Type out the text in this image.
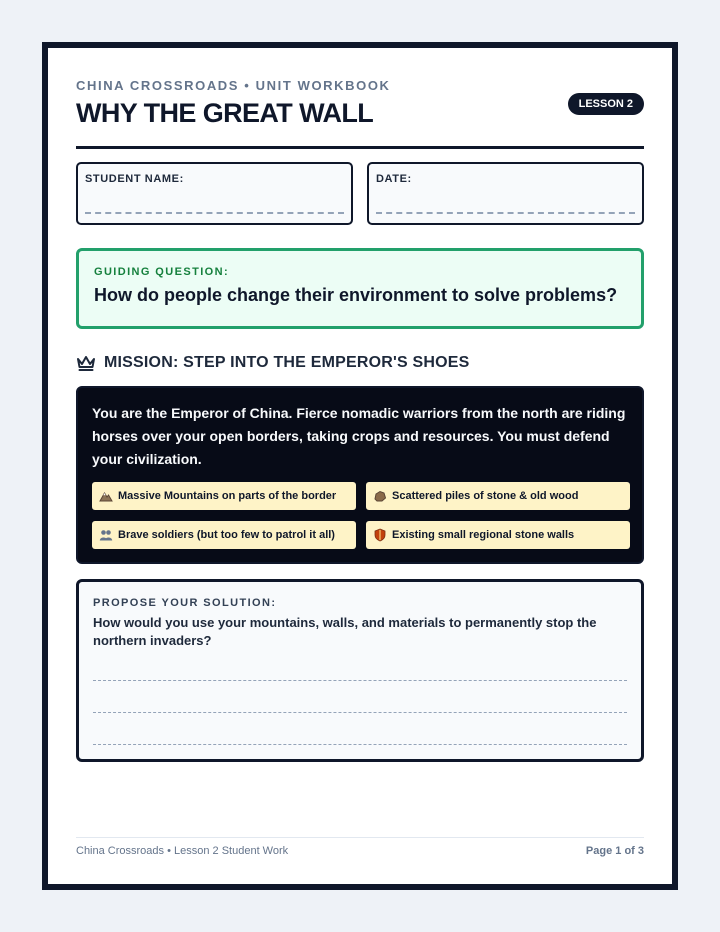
CHINA CROSSROADS • UNIT WORKBOOK
WHY THE GREAT WALL	LESSON 2
STUDENT NAME:	DATE:
GUIDING QUESTION:
How do people change their environment to solve problems?
MISSION: STEP INTO THE EMPEROR'S SHOES
You are the Emperor of China. Fierce nomadic warriors from the north are riding horses over your open borders, taking crops and resources. You must defend your civilization.
Massive Mountains on parts of the border	Scattered piles of stone & old wood
Brave soldiers (but too few to patrol it all)	Existing small regional stone walls
PROPOSE YOUR SOLUTION:
How would you use your mountains, walls, and materials to permanently stop the northern invaders?
China Crossroads • Lesson 2 Student Work	Page 1 of 3
